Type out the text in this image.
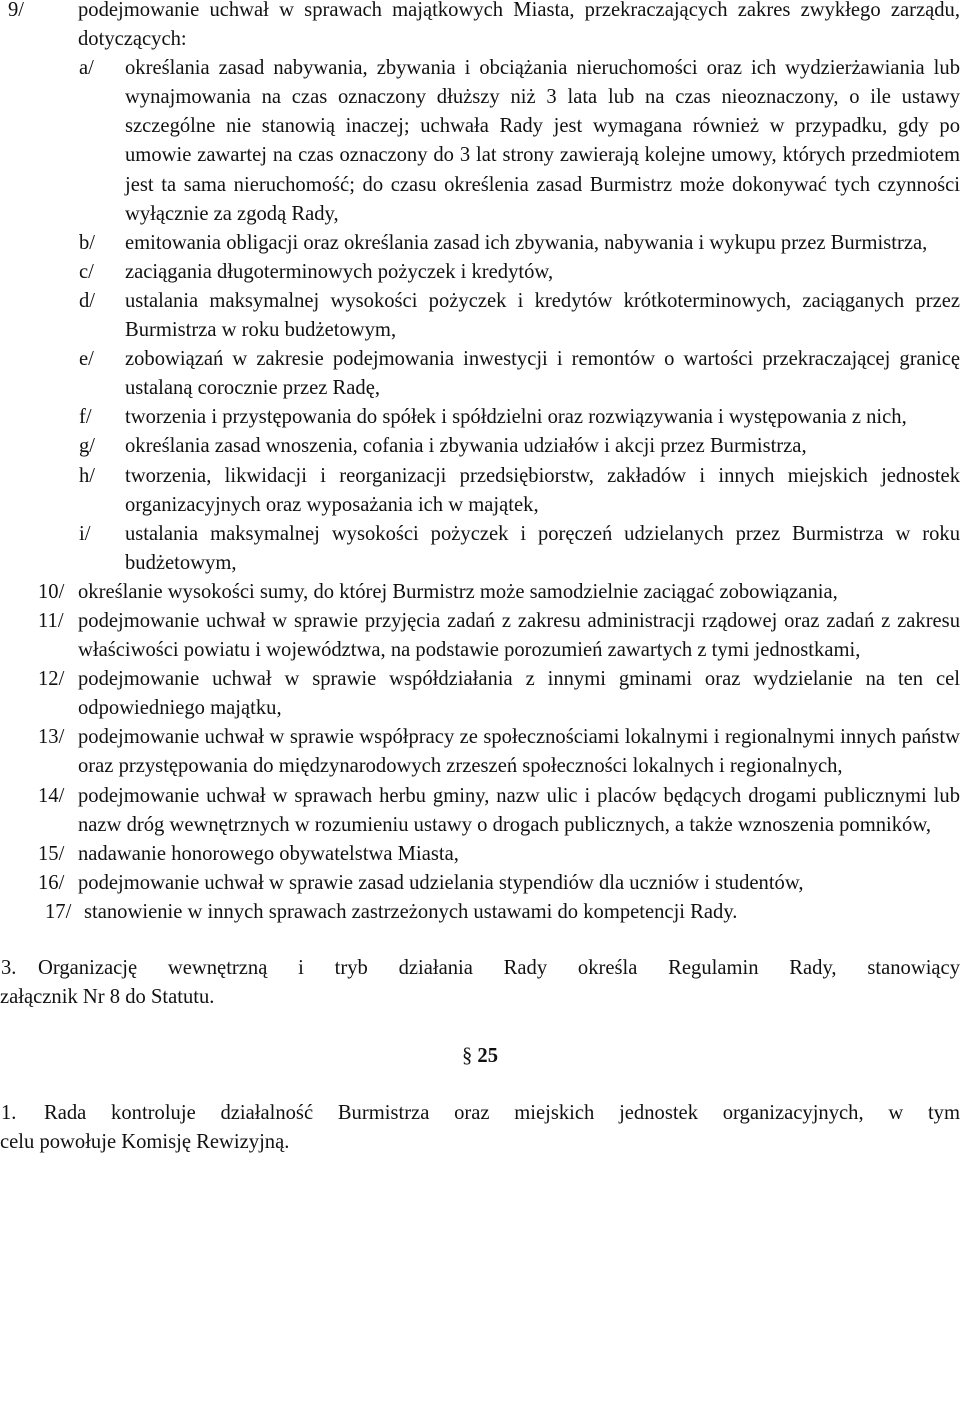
9/	podejmowanie uchwał w sprawach majątkowych Miasta, przekraczających zakres zwykłego zarządu, dotyczących:
a/ określania zasad nabywania, zbywania i obciążania nieruchomości oraz ich wydzierżawiania lub wynajmowania na czas oznaczony dłuższy niż 3 lata lub na czas nieoznaczony, o ile ustawy szczególne nie stanowią inaczej; uchwała Rady jest wymagana również w przypadku, gdy po umowie zawartej na czas oznaczony do 3 lat strony zawierają kolejne umowy, których przedmiotem jest ta sama nieruchomość; do czasu określenia zasad Burmistrz może dokonywać tych czynności wyłącznie za zgodą Rady,
b/ emitowania obligacji oraz określania zasad ich zbywania, nabywania i wykupu przez Burmistrza,
c/ zaciągania długoterminowych pożyczek i kredytów,
d/ ustalania maksymalnej wysokości pożyczek i kredytów krótkoterminowych, zaciąganych przez Burmistrza w roku budżetowym,
e/ zobowiązań w zakresie podejmowania inwestycji i remontów o wartości przekraczającej granicę ustalaną corocznie przez Radę,
f/ tworzenia i przystępowania do spółek i spółdzielni oraz rozwiązywania i występowania z nich,
g/ określania zasad wnoszenia, cofania i zbywania udziałów i akcji przez Burmistrza,
h/ tworzenia, likwidacji i reorganizacji przedsiębiorstw, zakładów i innych miejskich jednostek organizacyjnych oraz wyposażania ich w majątek,
i/ ustalania maksymalnej wysokości pożyczek i poręczeń udzielanych przez Burmistrza w roku budżetowym,
10/ określanie wysokości sumy, do której Burmistrz może samodzielnie zaciągać zobowiązania,
11/ podejmowanie uchwał w sprawie przyjęcia zadań z zakresu administracji rządowej oraz zadań z zakresu właściwości powiatu i województwa, na podstawie porozumień zawartych z tymi jednostkami,
12/ podejmowanie uchwał w sprawie współdziałania z innymi gminami oraz wydzielanie na ten cel odpowiedniego majątku,
13/ podejmowanie uchwał w sprawie współpracy ze społecznościami lokalnymi i regionalnymi innych państw oraz przystępowania do międzynarodowych zrzeszeń społeczności lokalnych i regionalnych,
14/ podejmowanie uchwał w sprawach herbu gminy, nazw ulic i placów będących drogami publicznymi lub nazw dróg wewnętrznych w rozumieniu ustawy o drogach publicznych, a także wznoszenia pomników,
15/ nadawanie honorowego obywatelstwa Miasta,
16/ podejmowanie uchwał w sprawie zasad udzielania stypendiów dla uczniów i studentów,
17/ stanowienie w innych sprawach zastrzeżonych ustawami do kompetencji Rady.
3. Organizację wewnętrzną i tryb działania Rady określa Regulamin Rady, stanowiący
załącznik Nr 8 do Statutu.
§ 25
1. Rada kontroluje działalność Burmistrza oraz miejskich jednostek organizacyjnych, w tym
celu powołuje Komisję Rewizyjną.
